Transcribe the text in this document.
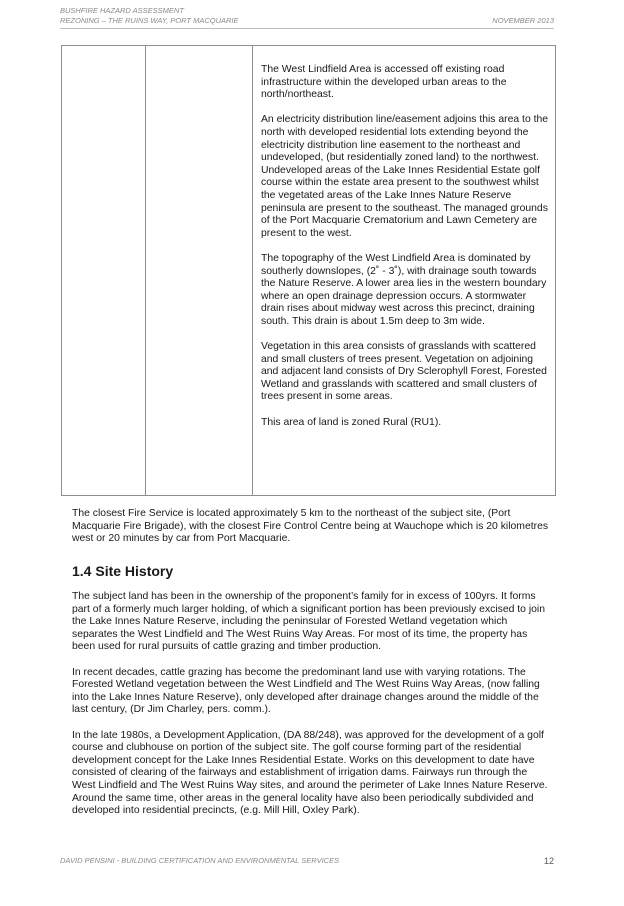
BUSHFIRE HAZARD ASSESSMENT
REZONING – THE RUINS WAY, PORT MACQUARIE	NOVEMBER 2013

The West Lindfield Area is accessed off existing road infrastructure within the developed urban areas to the north/northeast.

An electricity distribution line/easement adjoins this area to the north with developed residential lots extending beyond the electricity distribution line easement to the northeast and undeveloped, (but residentially zoned land) to the northwest. Undeveloped areas of the Lake Innes Residential Estate golf course within the estate area present to the southwest whilst the vegetated areas of the Lake Innes Nature Reserve peninsula are present to the southeast. The managed grounds of the Port Macquarie Crematorium and Lawn Cemetery are present to the west.

The topography of the West Lindfield Area is dominated by southerly downslopes, (2˚ - 3˚), with drainage south towards the Nature Reserve. A lower area lies in the western boundary where an open drainage depression occurs. A stormwater drain rises about midway west across this precinct, draining south. This drain is about 1.5m deep to 3m wide.

Vegetation in this area consists of grasslands with scattered and small clusters of trees present. Vegetation on adjoining and adjacent land consists of Dry Sclerophyll Forest, Forested Wetland and grasslands with scattered and small clusters of trees present in some areas.

This area of land is zoned Rural (RU1).

The closest Fire Service is located approximately 5 km to the northeast of the subject site, (Port Macquarie Fire Brigade), with the closest Fire Control Centre being at Wauchope which is 20 kilometres west or 20 minutes by car from Port Macquarie.

1.4 Site History

The subject land has been in the ownership of the proponent’s family for in excess of 100yrs. It forms part of a formerly much larger holding, of which a significant portion has been previously excised to join the Lake Innes Nature Reserve, including the peninsular of Forested Wetland vegetation which separates the West Lindfield and The West Ruins Way Areas. For most of its time, the property has been used for rural pursuits of cattle grazing and timber production.

In recent decades, cattle grazing has become the predominant land use with varying rotations. The Forested Wetland vegetation between the West Lindfield and The West Ruins Way Areas, (now falling into the Lake Innes Nature Reserve), only developed after drainage changes around the middle of the last century, (Dr Jim Charley, pers. comm.).

In the late 1980s, a Development Application, (DA 88/248), was approved for the development of a golf course and clubhouse on portion of the subject site. The golf course forming part of the residential development concept for the Lake Innes Residential Estate. Works on this development to date have consisted of clearing of the fairways and establishment of irrigation dams. Fairways run through the West Lindfield and The West Ruins Way sites, and around the perimeter of Lake Innes Nature Reserve. Around the same time, other areas in the general locality have also been periodically subdivided and developed into residential precincts, (e.g. Mill Hill, Oxley Park).

DAVID PENSINI - BUILDING CERTIFICATION AND ENVIRONMENTAL SERVICES	12
